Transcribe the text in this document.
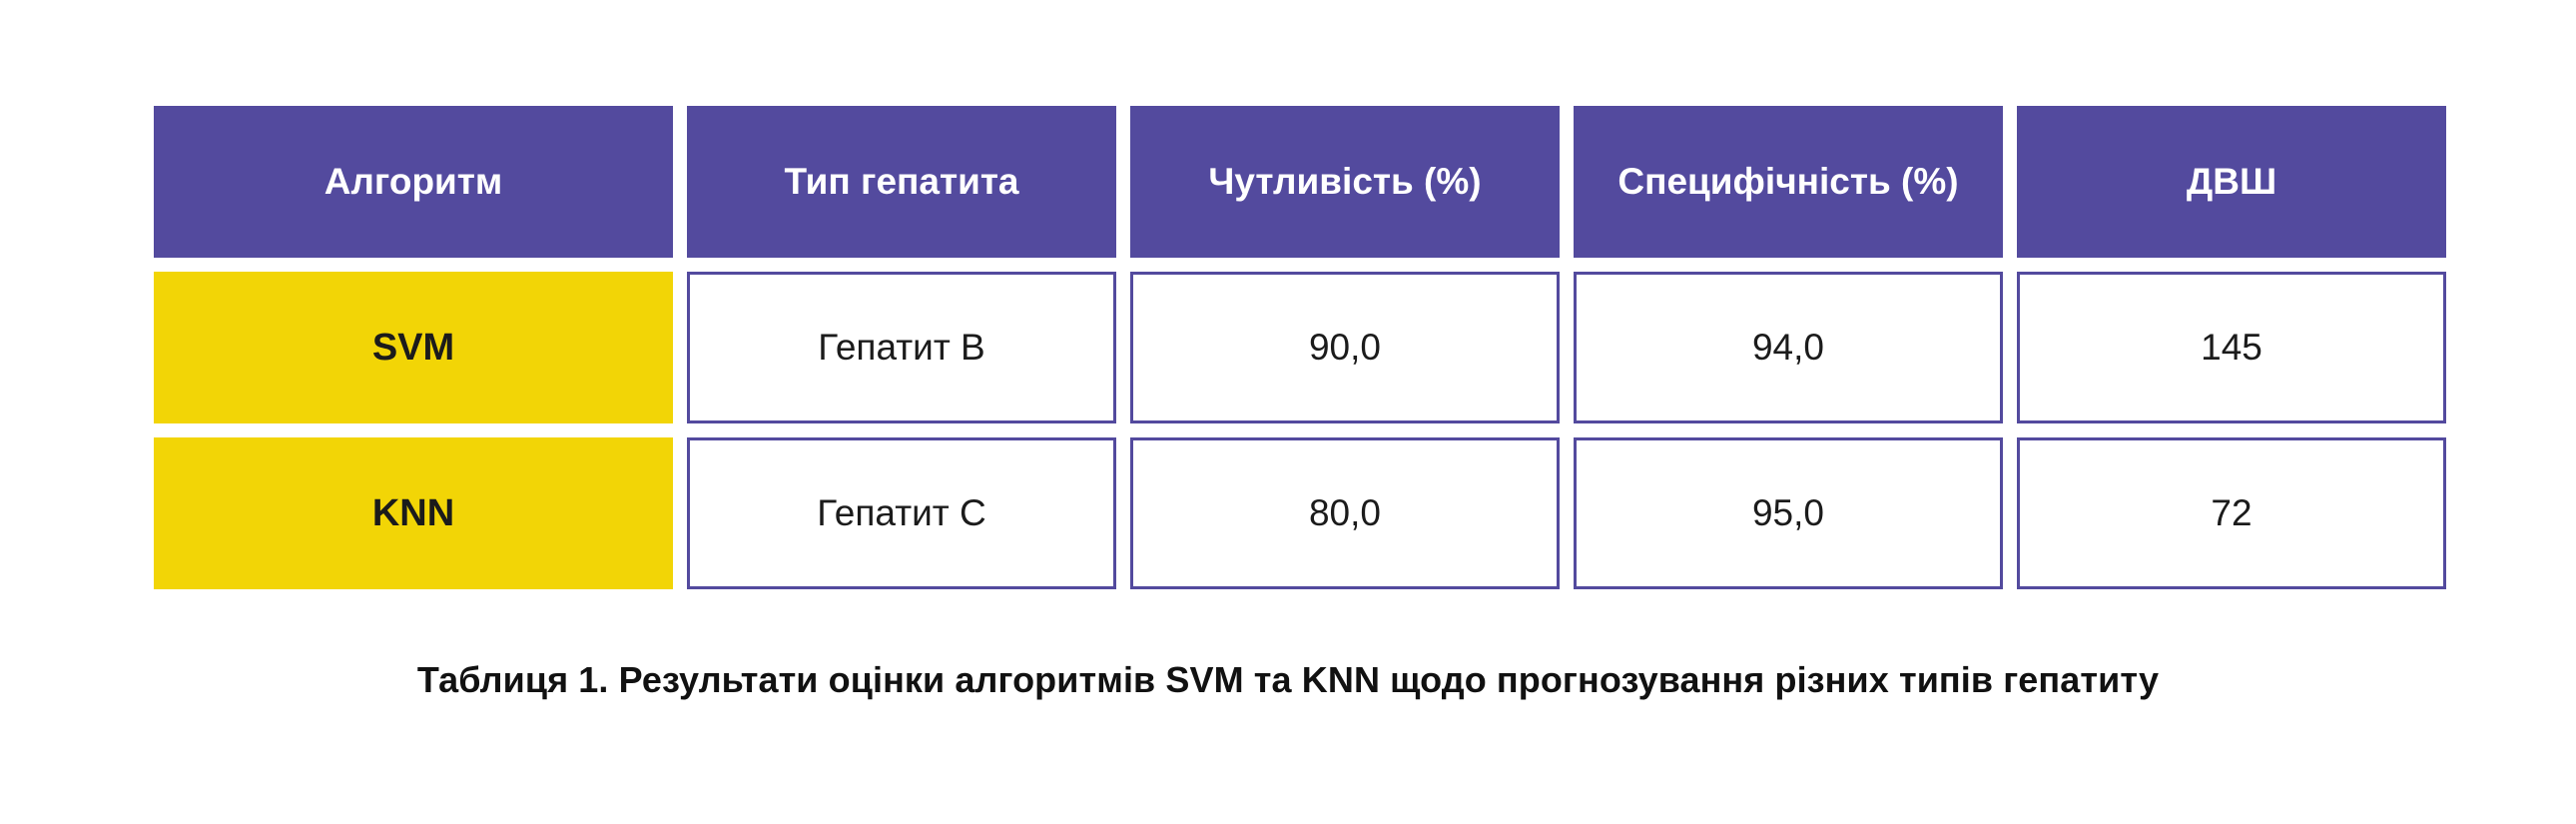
Алгоритм	Тип гепатита	Чутливість (%)	Специфічність (%)	ДВШ
SVM	Гепатит B	90,0	94,0	145
KNN	Гепатит C	80,0	95,0	72
Таблиця 1. Результати оцінки алгоритмів SVM та KNN щодо прогнозування різних типів гепатиту
